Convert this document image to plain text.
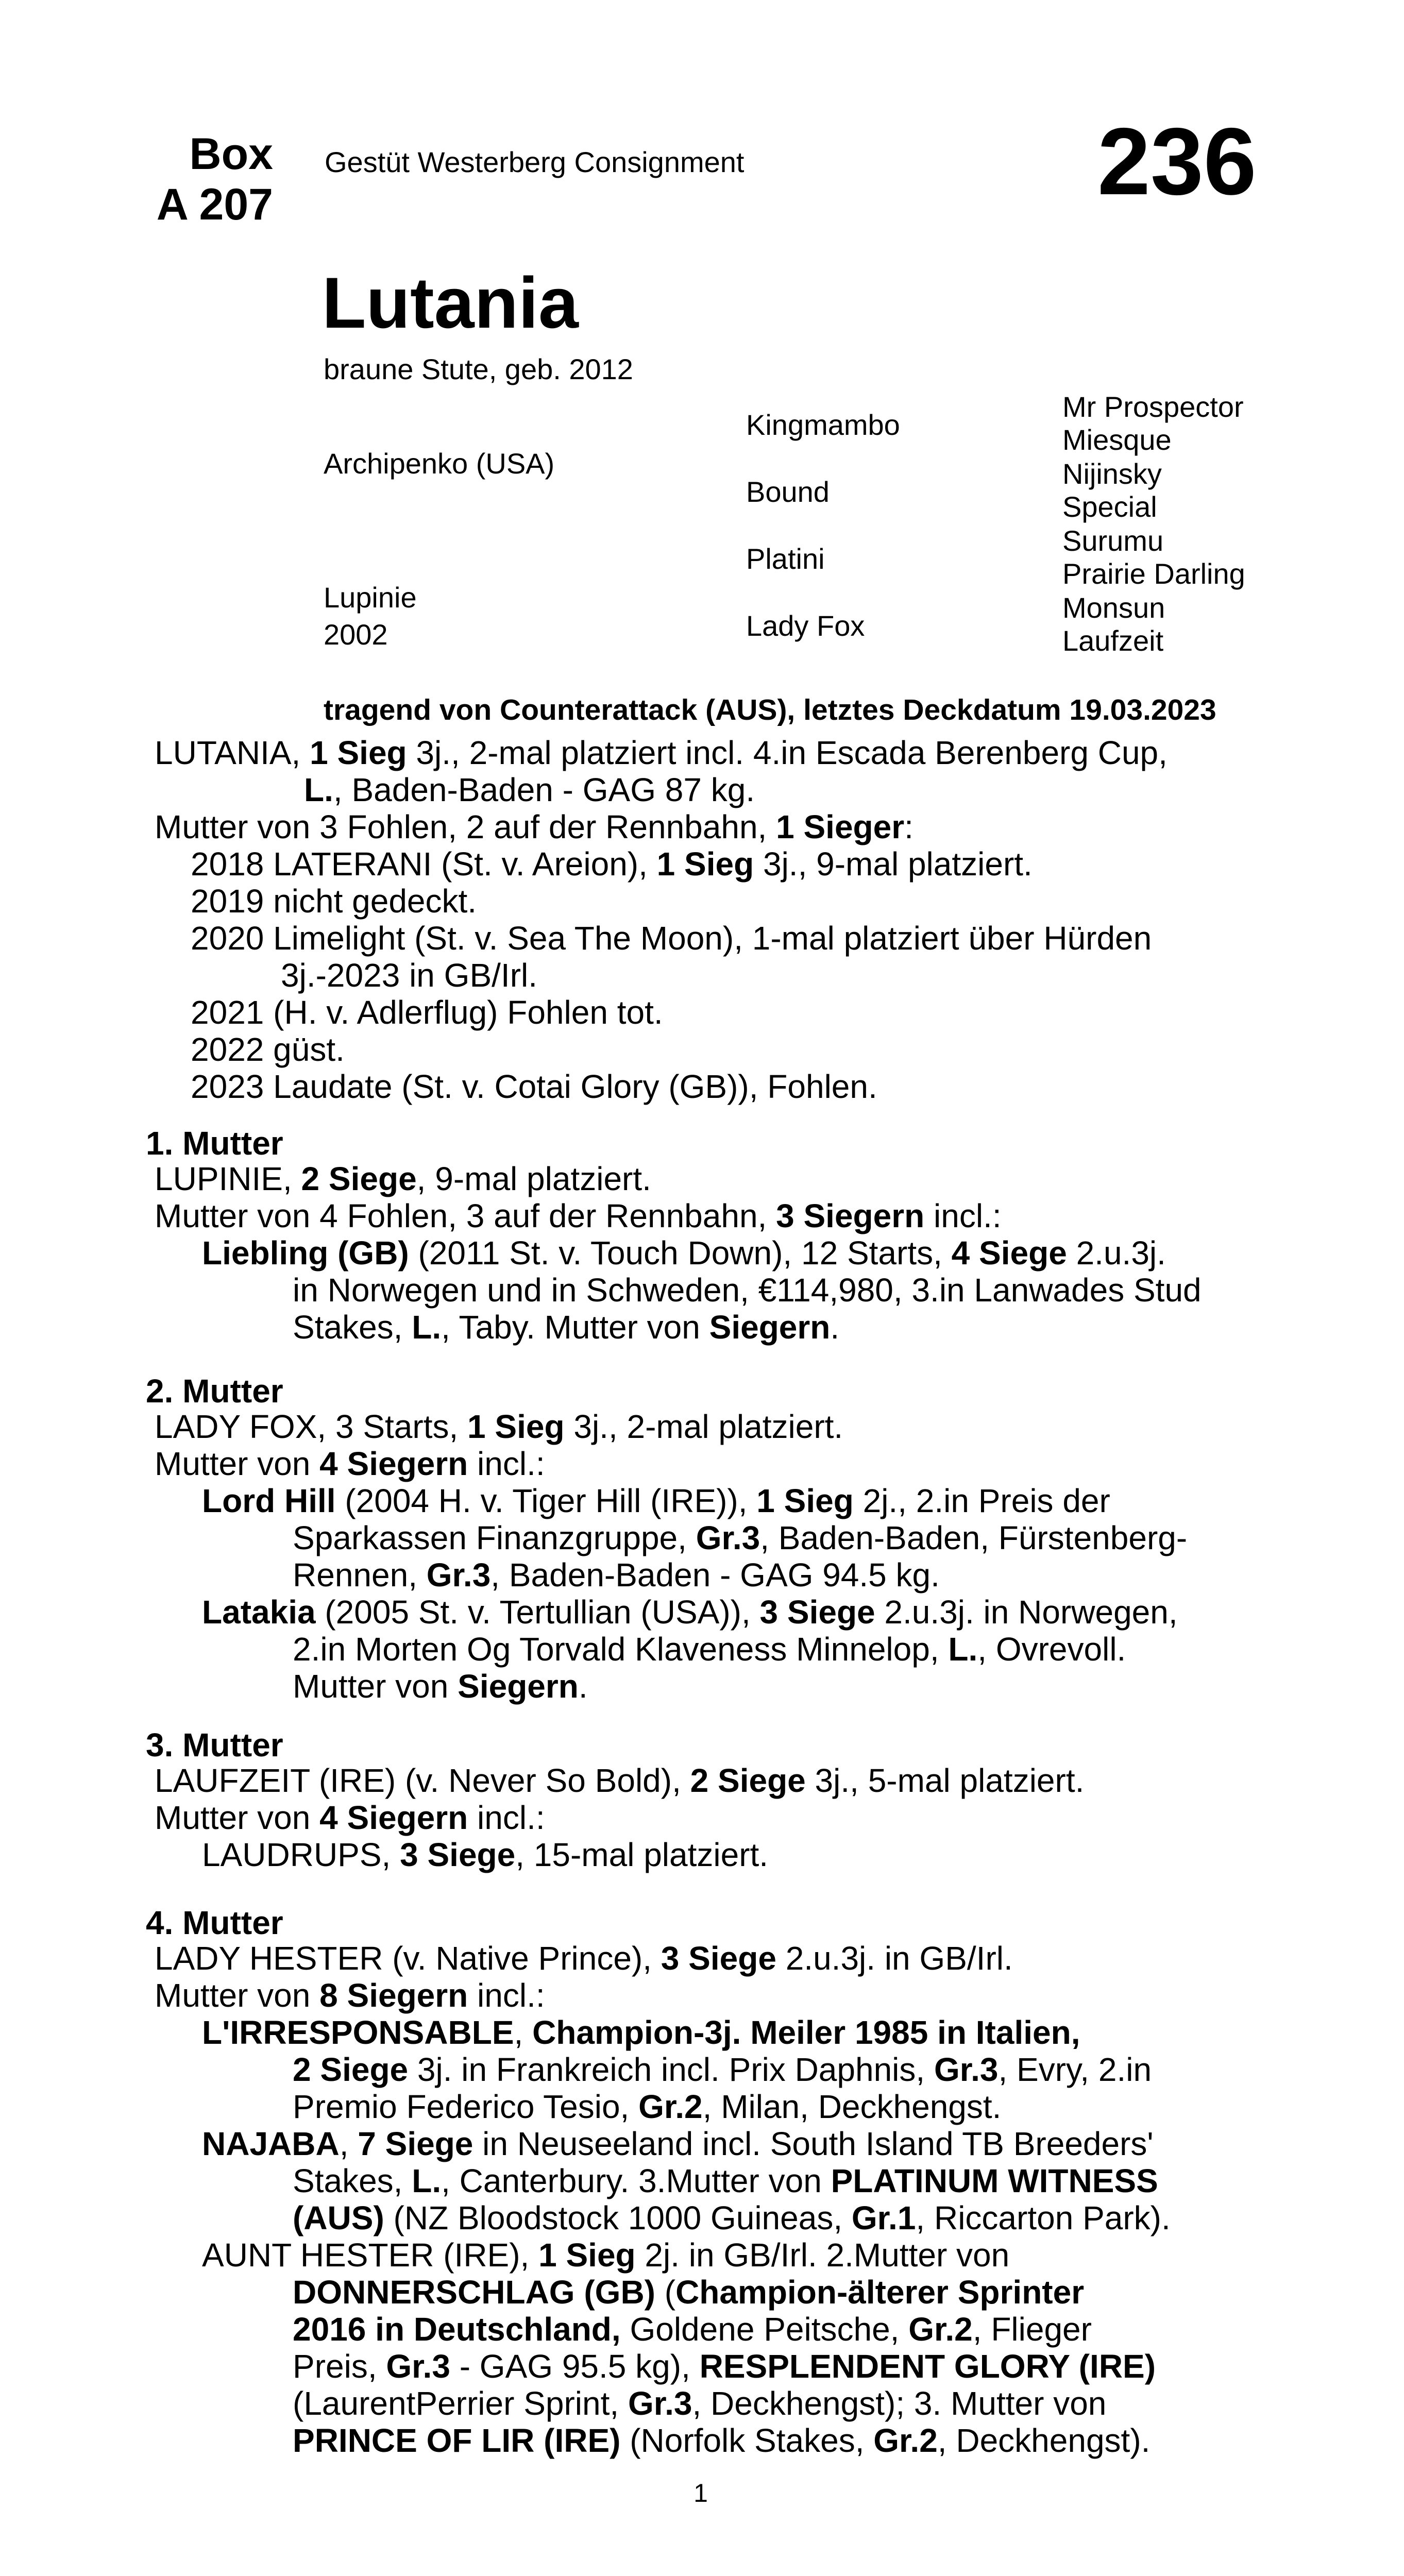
Box
A 207
Gestüt Westerberg Consignment	236
Lutania
braune Stute, geb. 2012
Archipenko (USA)
Lupinie
2002
Kingmambo
Bound
Platini
Lady Fox
Mr Prospector
Miesque
Nijinsky
Special
Surumu
Prairie Darling
Monsun
Laufzeit
tragend von Counterattack (AUS), letztes Deckdatum 19.03.2023
LUTANIA, 1 Sieg 3j., 2-mal platziert incl. 4.in Escada Berenberg Cup,
L., Baden-Baden - GAG 87 kg.
Mutter von 3 Fohlen, 2 auf der Rennbahn, 1 Sieger:
2018 LATERANI (St. v. Areion), 1 Sieg 3j., 9-mal platziert.
2019 nicht gedeckt.
2020 Limelight (St. v. Sea The Moon), 1-mal platziert über Hürden
3j.-2023 in GB/Irl.
2021 (H. v. Adlerflug) Fohlen tot.
2022 güst.
2023 Laudate (St. v. Cotai Glory (GB)), Fohlen.
1. Mutter
LUPINIE, 2 Siege, 9-mal platziert.
Mutter von 4 Fohlen, 3 auf der Rennbahn, 3 Siegern incl.:
Liebling (GB) (2011 St. v. Touch Down), 12 Starts, 4 Siege 2.u.3j.
in Norwegen und in Schweden, €114,980, 3.in Lanwades Stud
Stakes, L., Taby. Mutter von Siegern.
2. Mutter
LADY FOX, 3 Starts, 1 Sieg 3j., 2-mal platziert.
Mutter von 4 Siegern incl.:
Lord Hill (2004 H. v. Tiger Hill (IRE)), 1 Sieg 2j., 2.in Preis der
Sparkassen Finanzgruppe, Gr.3, Baden-Baden, Fürstenberg-
Rennen, Gr.3, Baden-Baden - GAG 94.5 kg.
Latakia (2005 St. v. Tertullian (USA)), 3 Siege 2.u.3j. in Norwegen,
2.in Morten Og Torvald Klaveness Minnelop, L., Ovrevoll.
Mutter von Siegern.
3. Mutter
LAUFZEIT (IRE) (v. Never So Bold), 2 Siege 3j., 5-mal platziert.
Mutter von 4 Siegern incl.:
LAUDRUPS, 3 Siege, 15-mal platziert.
4. Mutter
LADY HESTER (v. Native Prince), 3 Siege 2.u.3j. in GB/Irl.
Mutter von 8 Siegern incl.:
L'IRRESPONSABLE, Champion-3j. Meiler 1985 in Italien,
2 Siege 3j. in Frankreich incl. Prix Daphnis, Gr.3, Evry, 2.in
Premio Federico Tesio, Gr.2, Milan, Deckhengst.
NAJABA, 7 Siege in Neuseeland incl. South Island TB Breeders'
Stakes, L., Canterbury. 3.Mutter von PLATINUM WITNESS
(AUS) (NZ Bloodstock 1000 Guineas, Gr.1, Riccarton Park).
AUNT HESTER (IRE), 1 Sieg 2j. in GB/Irl. 2.Mutter von
DONNERSCHLAG (GB) (Champion-älterer Sprinter
2016 in Deutschland, Goldene Peitsche, Gr.2, Flieger
Preis, Gr.3 - GAG 95.5 kg), RESPLENDENT GLORY (IRE)
(LaurentPerrier Sprint, Gr.3, Deckhengst); 3. Mutter von
PRINCE OF LIR (IRE) (Norfolk Stakes, Gr.2, Deckhengst).
1
